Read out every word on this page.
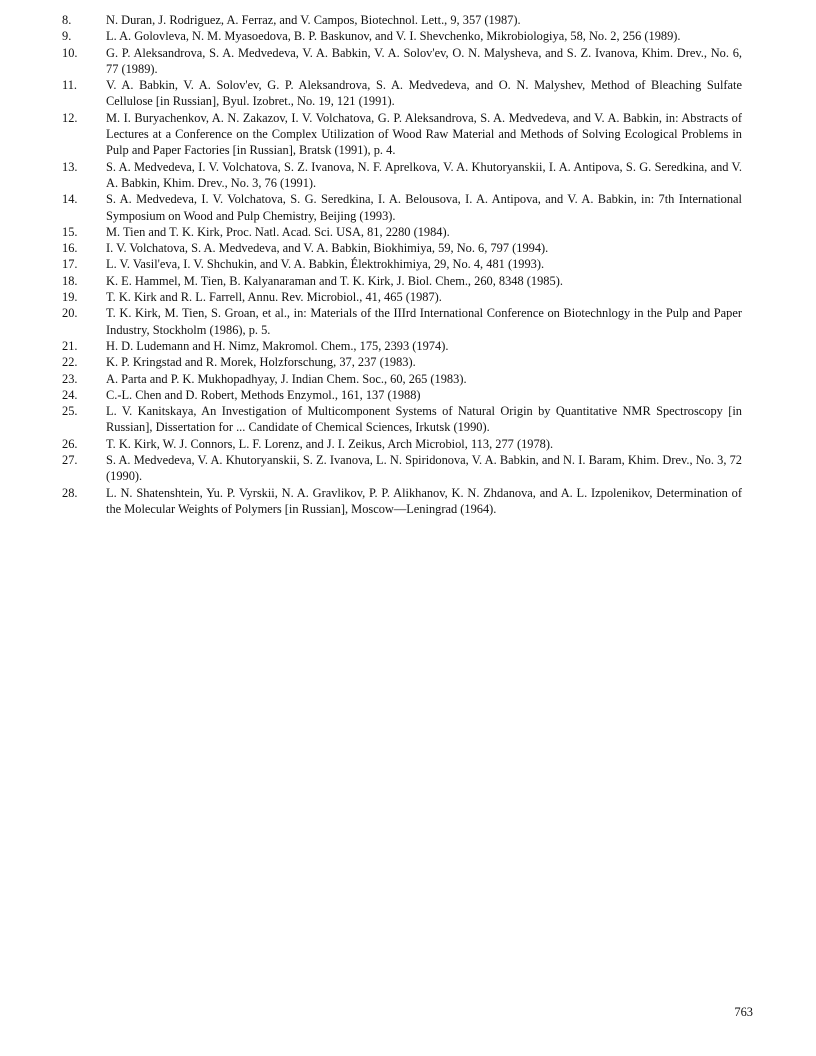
8.	N. Duran, J. Rodriguez, A. Ferraz, and V. Campos, Biotechnol. Lett., 9, 357 (1987).
9.	L. A. Golovleva, N. M. Myasoedova, B. P. Baskunov, and V. I. Shevchenko, Mikrobiologiya, 58, No. 2, 256 (1989).
10.	G. P. Aleksandrova, S. A. Medvedeva, V. A. Babkin, V. A. Solov'ev, O. N. Malysheva, and S. Z. Ivanova, Khim. Drev., No. 6, 77 (1989).
11.	V. A. Babkin, V. A. Solov'ev, G. P. Aleksandrova, S. A. Medvedeva, and O. N. Malyshev, Method of Bleaching Sulfate Cellulose [in Russian], Byul. Izobret., No. 19, 121 (1991).
12.	M. I. Buryachenkov, A. N. Zakazov, I. V. Volchatova, G. P. Aleksandrova, S. A. Medvedeva, and V. A. Babkin, in: Abstracts of Lectures at a Conference on the Complex Utilization of Wood Raw Material and Methods of Solving Ecological Problems in Pulp and Paper Factories [in Russian], Bratsk (1991), p. 4.
13.	S. A. Medvedeva, I. V. Volchatova, S. Z. Ivanova, N. F. Aprelkova, V. A. Khutoryanskii, I. A. Antipova, S. G. Seredkina, and V. A. Babkin, Khim. Drev., No. 3, 76 (1991).
14.	S. A. Medvedeva, I. V. Volchatova, S. G. Seredkina, I. A. Belousova, I. A. Antipova, and V. A. Babkin, in: 7th International Symposium on Wood and Pulp Chemistry, Beijing (1993).
15.	M. Tien and T. K. Kirk, Proc. Natl. Acad. Sci. USA, 81, 2280 (1984).
16.	I. V. Volchatova, S. A. Medvedeva, and V. A. Babkin, Biokhimiya, 59, No. 6, 797 (1994).
17.	L. V. Vasil'eva, I. V. Shchukin, and V. A. Babkin, Élektrokhimiya, 29, No. 4, 481 (1993).
18.	K. E. Hammel, M. Tien, B. Kalyanaraman and T. K. Kirk, J. Biol. Chem., 260, 8348 (1985).
19.	T. K. Kirk and R. L. Farrell, Annu. Rev. Microbiol., 41, 465 (1987).
20.	T. K. Kirk, M. Tien, S. Groan, et al., in: Materials of the IIIrd International Conference on Biotechnlogy in the Pulp and Paper Industry, Stockholm (1986), p. 5.
21.	H. D. Ludemann and H. Nimz, Makromol. Chem., 175, 2393 (1974).
22.	K. P. Kringstad and R. Morek, Holzforschung, 37, 237 (1983).
23.	A. Parta and P. K. Mukhopadhyay, J. Indian Chem. Soc., 60, 265 (1983).
24.	C.-L. Chen and D. Robert, Methods Enzymol., 161, 137 (1988)
25.	L. V. Kanitskaya, An Investigation of Multicomponent Systems of Natural Origin by Quantitative NMR Spectroscopy [in Russian], Dissertation for ... Candidate of Chemical Sciences, Irkutsk (1990).
26.	T. K. Kirk, W. J. Connors, L. F. Lorenz, and J. I. Zeikus, Arch Microbiol, 113, 277 (1978).
27.	S. A. Medvedeva, V. A. Khutoryanskii, S. Z. Ivanova, L. N. Spiridonova, V. A. Babkin, and N. I. Baram, Khim. Drev., No. 3, 72 (1990).
28.	L. N. Shatenshtein, Yu. P. Vyrskii, N. A. Gravlikov, P. P. Alikhanov, K. N. Zhdanova, and A. L. Izpolenikov, Determination of the Molecular Weights of Polymers [in Russian], Moscow—Leningrad (1964).
763
